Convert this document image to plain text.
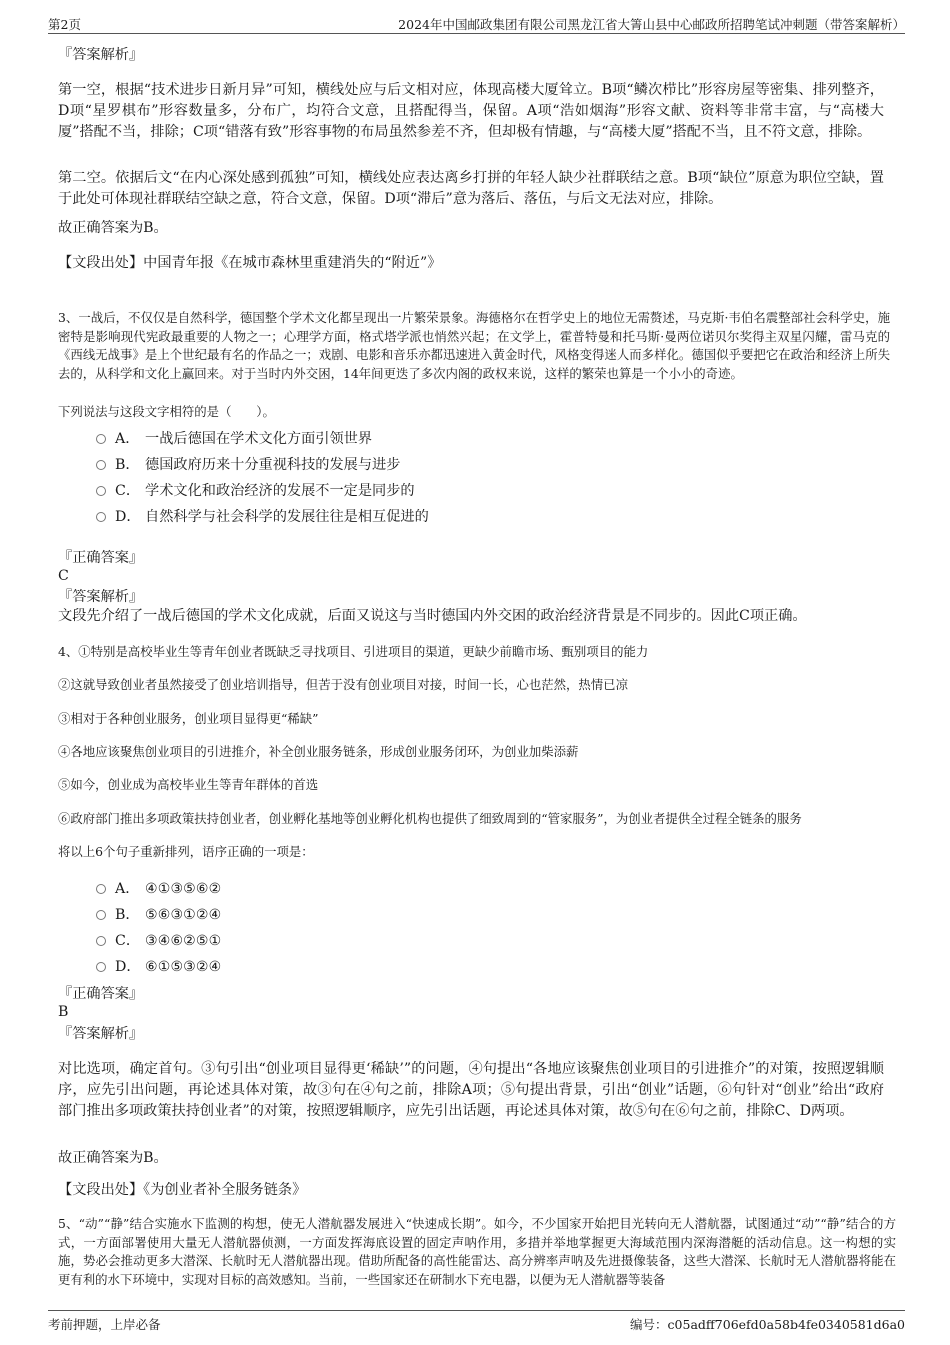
第2页	2024年中国邮政集团有限公司黑龙江省大箐山县中心邮政所招聘笔试冲刺题（带答案解析）

『答案解析』

第一空，根据“技术进步日新月异”可知，横线处应与后文相对应，体现高楼大厦耸立。B项“鳞次栉比”形容房屋等密集、排列整齐，D项“星罗棋布”形容数量多，分布广，均符合文意，且搭配得当，保留。A项“浩如烟海”形容文献、资料等非常丰富，与“高楼大厦”搭配不当，排除；C项“错落有致”形容事物的布局虽然参差不齐，但却极有情趣，与“高楼大厦”搭配不当，且不符文意，排除。

第二空。依据后文“在内心深处感到孤独”可知，横线处应表达离乡打拼的年轻人缺少社群联结之意。B项“缺位”原意为职位空缺，置于此处可体现社群联结空缺之意，符合文意，保留。D项“滞后”意为落后、落伍，与后文无法对应，排除。

故正确答案为B。

【文段出处】中国青年报《在城市森林里重建消失的“附近”》

3、一战后，不仅仅是自然科学，德国整个学术文化都呈现出一片繁荣景象。海德格尔在哲学史上的地位无需赘述，马克斯·韦伯名震整部社会科学史，施密特是影响现代宪政最重要的人物之一；心理学方面，格式塔学派也悄然兴起；在文学上，霍普特曼和托马斯·曼两位诺贝尔奖得主双星闪耀，雷马克的《西线无战事》是上个世纪最有名的作品之一；戏剧、电影和音乐亦都迅速进入黄金时代，风格变得迷人而多样化。德国似乎要把它在政治和经济上所失去的，从科学和文化上赢回来。对于当时内外交困，14年间更迭了多次内阁的政权来说，这样的繁荣也算是一个小小的奇迹。

下列说法与这段文字相符的是（　　）。

A． 一战后德国在学术文化方面引领世界
B． 德国政府历来十分重视科技的发展与进步
C． 学术文化和政治经济的发展不一定是同步的
D． 自然科学与社会科学的发展往往是相互促进的

『正确答案』

C

『答案解析』

文段先介绍了一战后德国的学术文化成就，后面又说这与当时德国内外交困的政治经济背景是不同步的。因此C项正确。

4、①特别是高校毕业生等青年创业者既缺乏寻找项目、引进项目的渠道，更缺少前瞻市场、甄别项目的能力

②这就导致创业者虽然接受了创业培训指导，但苦于没有创业项目对接，时间一长，心也茫然，热情已凉

③相对于各种创业服务，创业项目显得更“稀缺”

④各地应该聚焦创业项目的引进推介，补全创业服务链条，形成创业服务闭环，为创业加柴添薪

⑤如今，创业成为高校毕业生等青年群体的首选

⑥政府部门推出多项政策扶持创业者，创业孵化基地等创业孵化机构也提供了细致周到的“管家服务”，为创业者提供全过程全链条的服务

将以上6个句子重新排列，语序正确的一项是：

A． ④①③⑤⑥②
B． ⑤⑥③①②④
C． ③④⑥②⑤①
D． ⑥①⑤③②④

『正确答案』

B

『答案解析』

对比选项，确定首句。③句引出“创业项目显得更‘稀缺’”的问题，④句提出“各地应该聚焦创业项目的引进推介”的对策，按照逻辑顺序，应先引出问题，再论述具体对策，故③句在④句之前，排除A项；⑤句提出背景，引出“创业”话题，⑥句针对“创业”给出“政府部门推出多项政策扶持创业者”的对策，按照逻辑顺序，应先引出话题，再论述具体对策，故⑤句在⑥句之前，排除C、D两项。

故正确答案为B。

【文段出处】《为创业者补全服务链条》

5、“动”“静”结合实施水下监测的构想，使无人潜航器发展进入“快速成长期”。如今，不少国家开始把目光转向无人潜航器，试图通过“动”“静”结合的方式，一方面部署使用大量无人潜航器侦测，一方面发挥海底设置的固定声呐作用，多措并举地掌握更大海域范围内深海潜艇的活动信息。这一构想的实施，势必会推动更多大潜深、长航时无人潜航器出现。借助所配备的高性能雷达、高分辨率声呐及先进摄像装备，这些大潜深、长航时无人潜航器将能在更有利的水下环境中，实现对目标的高效感知。当前，一些国家还在研制水下充电器，以便为无人潜航器等装备

考前押题，上岸必备	编号：c05adff706efd0a58b4fe0340581d6a0
